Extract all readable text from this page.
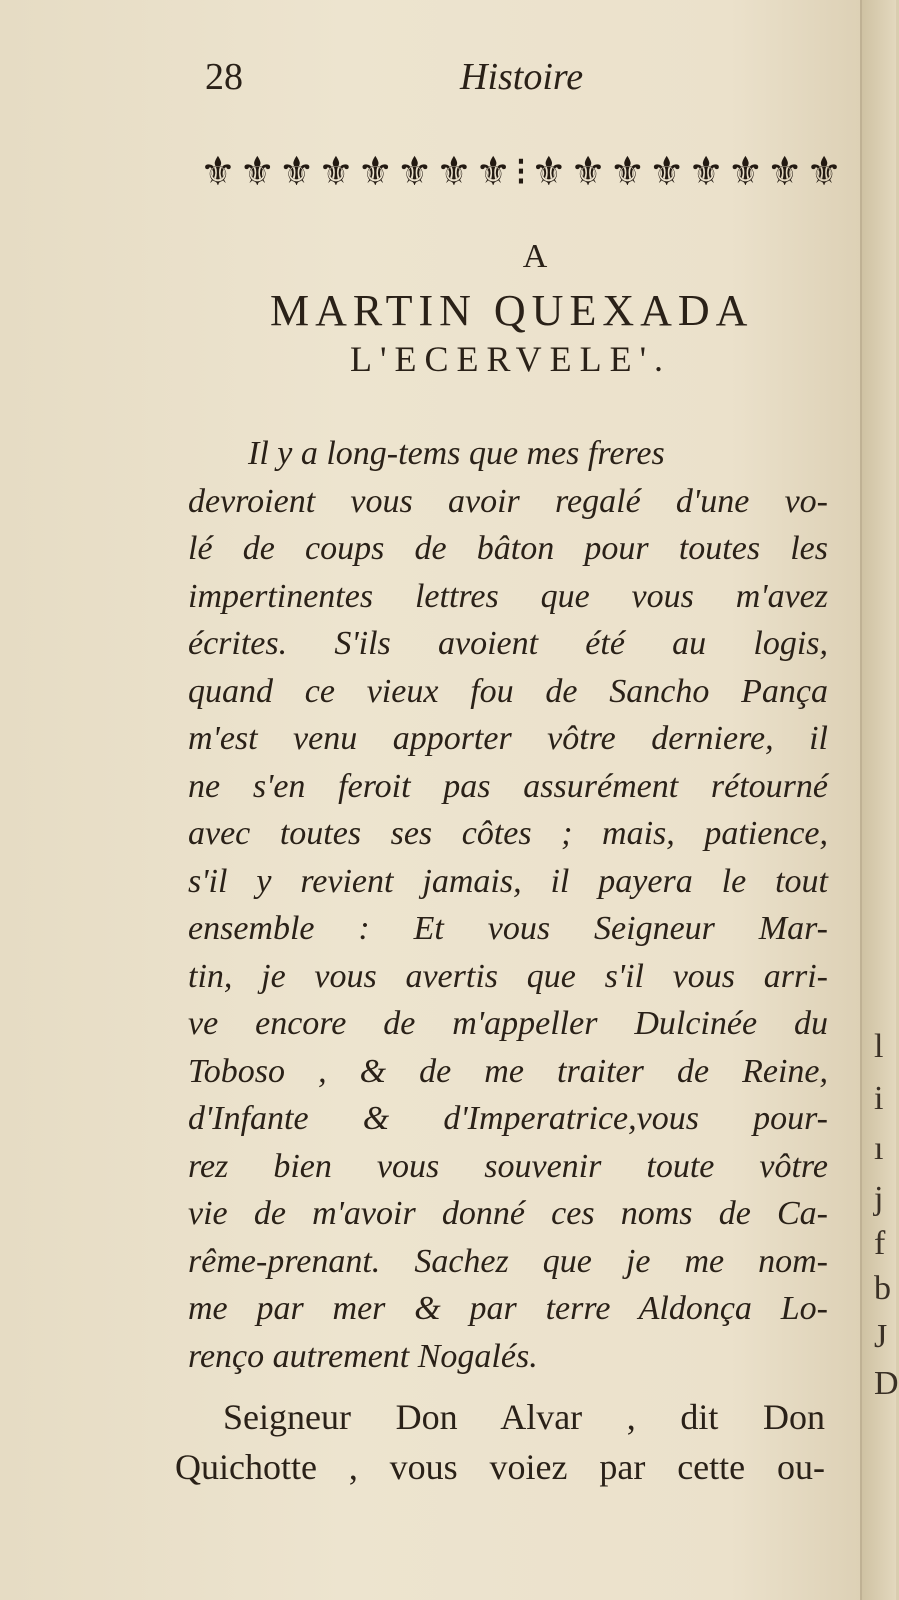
28	Histoire
⚜ ⚜ ⚜ ⚜ ⚜ ⚜ ⚜ ⚜ ⁝ ⚜ ⚜ ⚜ ⚜ ⚜ ⚜ ⚜ ⚜
A
MARTIN QUEXADA
L'ECERVELE'.
Il y a long-tems que mes freres
devroient vous avoir regalé d'une vo-
lé de coups de bâton pour toutes les
impertinentes lettres que vous m'avez
écrites. S'ils avoient été au logis,
quand ce vieux fou de Sancho Pança
m'est venu apporter vôtre derniere, il
ne s'en feroit pas assurément rétourné
avec toutes ses côtes ; mais, patience,
s'il y revient jamais, il payera le tout
ensemble : Et vous Seigneur Mar-
tin, je vous avertis que s'il vous arri-
ve encore de m'appeller Dulcinée du
Toboso , & de me traiter de Reine,
d'Infante & d'Imperatrice,vous pour-
rez bien vous souvenir toute vôtre
vie de m'avoir donné ces noms de Ca-
rême-prenant. Sachez que je me nom-
me par mer & par terre Aldonça Lo-
renço autrement Nogalés.
Seigneur Don Alvar , dit Don
Quichotte , vous voiez par cette ou-
l
i
ı
j
f
b
J
D
